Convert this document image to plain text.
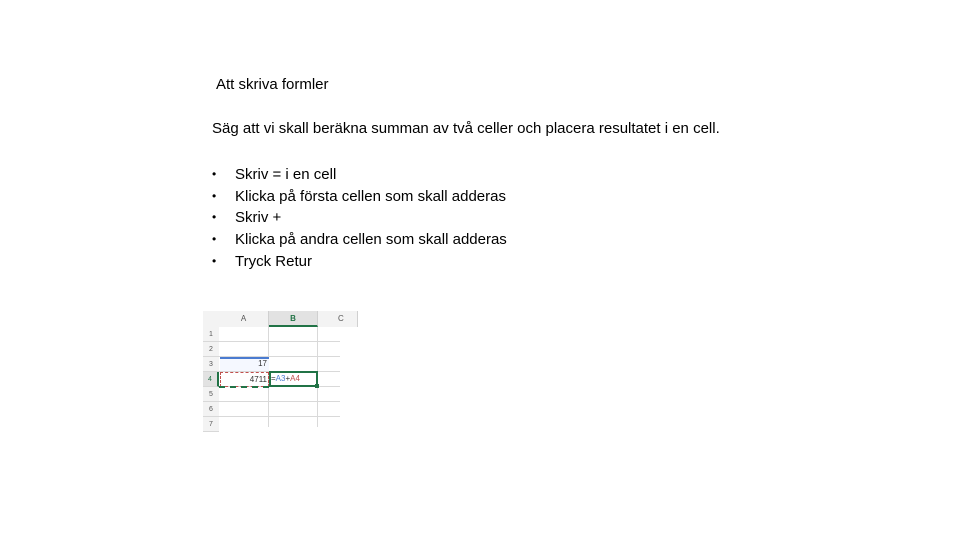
Att skriva formler
Säg att vi skall beräkna summan av två celler och placera resultatet i en cell.
• Skriv = i en cell
• Klicka på första cellen som skall adderas
• Skriv +
• Klicka på andra cellen som skall adderas
• Tryck Retur
A	B	C
1
2
3
4
5
6
7
17
4711 =A3+A4
